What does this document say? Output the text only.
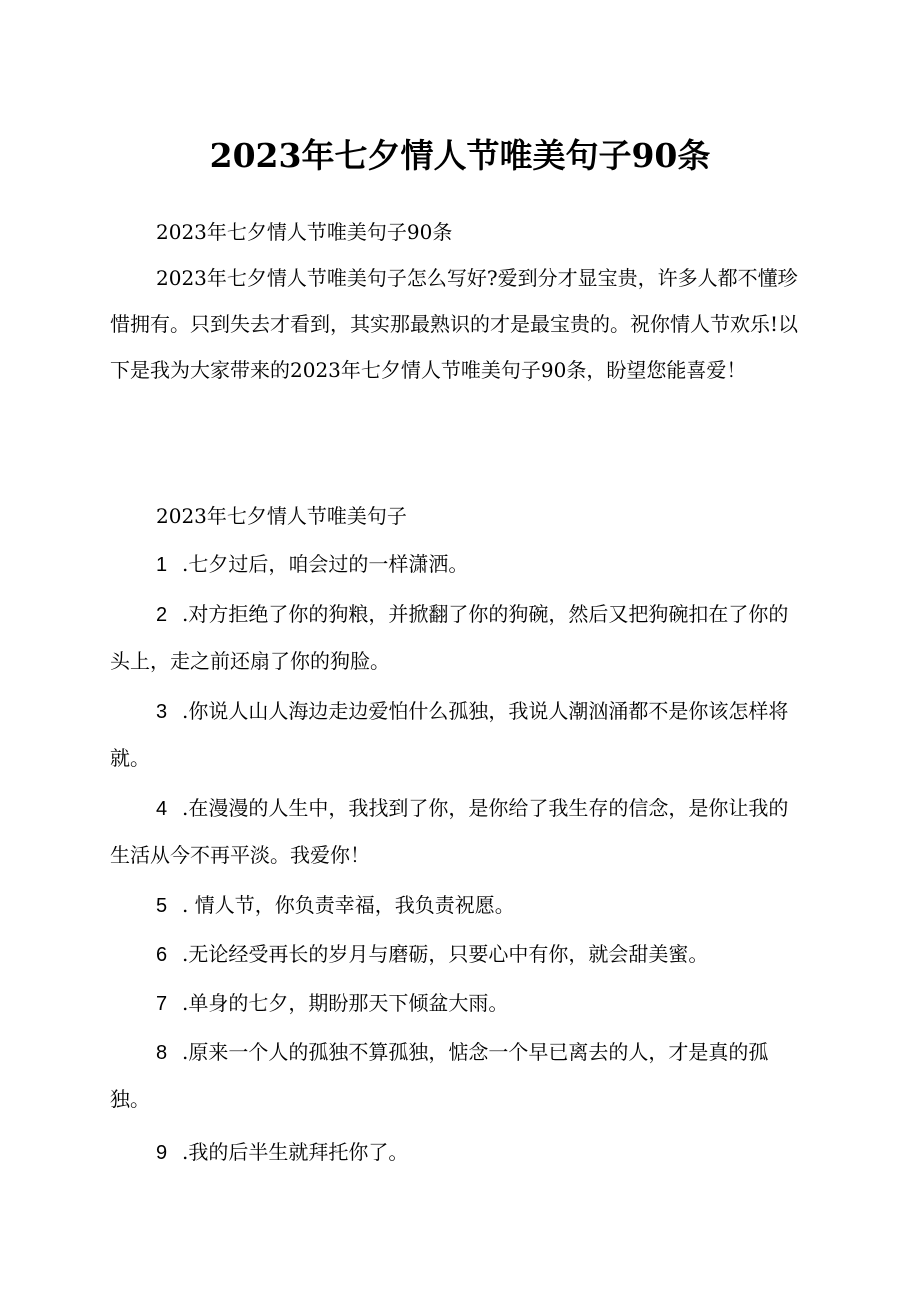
2023年七夕情人节唯美句子90条

2023年七夕情人节唯美句子90条

2023年七夕情人节唯美句子怎么写好?爱到分才显宝贵，许多人都不懂珍惜拥有。只到失去才看到，其实那最熟识的才是最宝贵的。祝你情人节欢乐!以下是我为大家带来的2023年七夕情人节唯美句子90条，盼望您能喜爱！

2023年七夕情人节唯美句子

1 .七夕过后，咱会过的一样潇洒。

2 .对方拒绝了你的狗粮，并掀翻了你的狗碗，然后又把狗碗扣在了你的头上，走之前还扇了你的狗脸。

3 .你说人山人海边走边爱怕什么孤独，我说人潮汹涌都不是你该怎样将就。

4 .在漫漫的人生中，我找到了你，是你给了我生存的信念，是你让我的生活从今不再平淡。我爱你！

5 . 情人节，你负责幸福，我负责祝愿。

6 .无论经受再长的岁月与磨砺，只要心中有你，就会甜美蜜。

7 .单身的七夕，期盼那天下倾盆大雨。

8 .原来一个人的孤独不算孤独，惦念一个早已离去的人，才是真的孤独。

9 .我的后半生就拜托你了。
